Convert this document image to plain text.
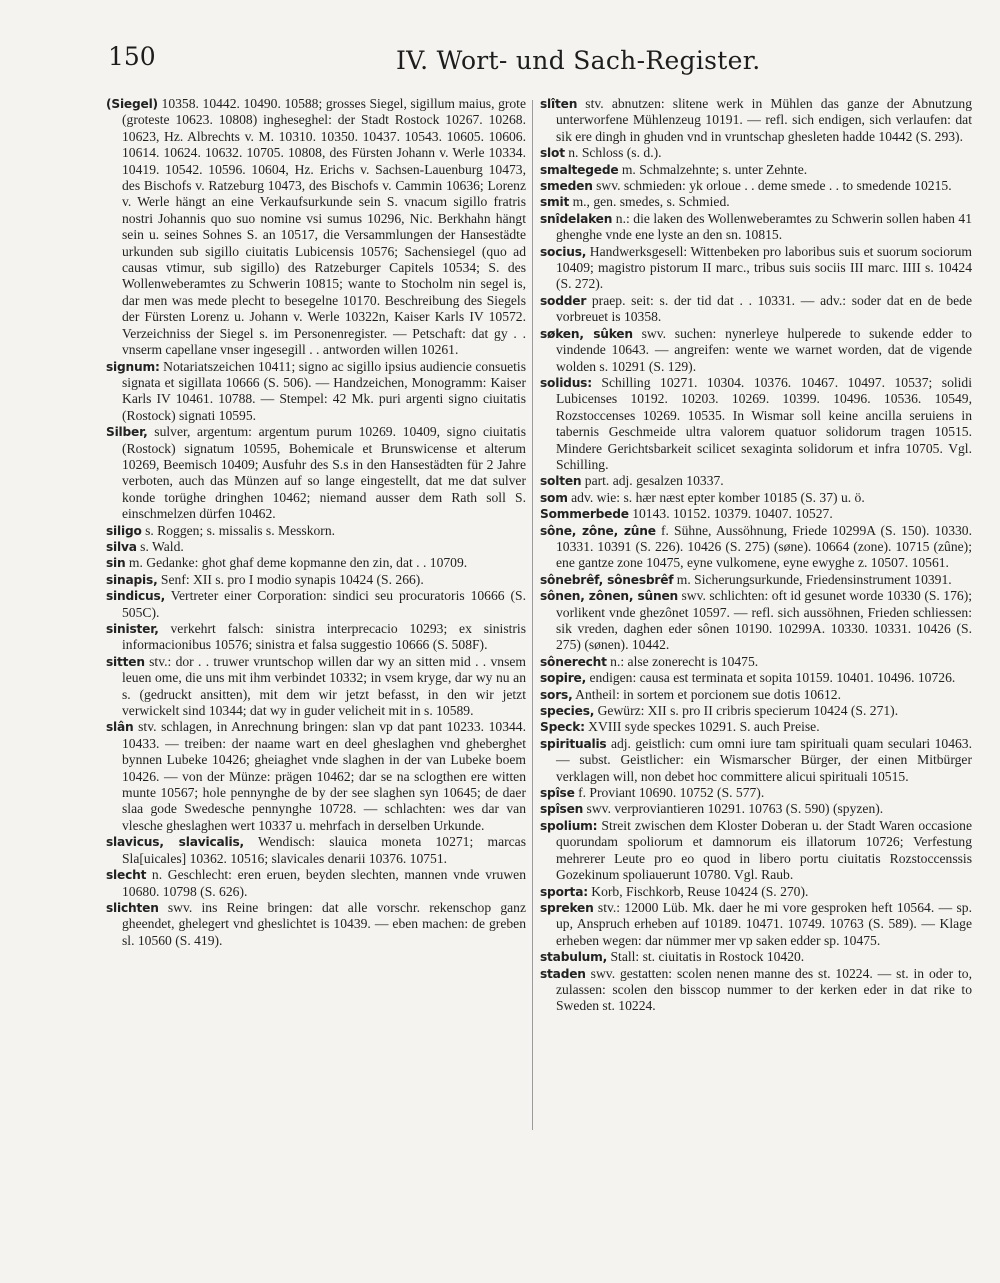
150	IV. Wort- und Sach-Register.

(Siegel) 10358. 10442. 10490. 10588; grosses Siegel, sigillum maius, grote (groteste 10623. 10808) ingheseghel: der Stadt Rostock 10267. 10268. 10623, Hz. Albrechts v. M. 10310. 10350. 10437. 10543. 10605. 10606. 10614. 10624. 10632. 10705. 10808, des Fürsten Johann v. Werle 10334. 10419. 10542. 10596. 10604, Hz. Erichs v. Sachsen-Lauenburg 10473, des Bischofs v. Ratzeburg 10473, des Bischofs v. Cammin 10636; Lorenz v. Werle hängt an eine Verkaufsurkunde sein S. vnacum sigillo fratris nostri Johannis quo suo nomine vsi sumus 10296, Nic. Berkhahn hängt sein u. seines Sohnes S. an 10517, die Versammlungen der Hansestädte urkunden sub sigillo ciuitatis Lubicensis 10576; Sachensiegel (quo ad causas vtimur, sub sigillo) des Ratzeburger Capitels 10534; S. des Wollenweberamtes zu Schwerin 10815; wante to Stocholm nin segel is, dar men was mede plecht to besegelne 10170. Beschreibung des Siegels der Fürsten Lorenz u. Johann v. Werle 10322n, Kaiser Karls IV 10572. Verzeichniss der Siegel s. im Personenregister. — Petschaft: dat gy . . vnserm capellane vnser ingesegill . . antworden willen 10261.

signum: Notariatszeichen 10411; signo ac sigillo ipsius audiencie consuetis signata et sigillata 10666 (S. 506). — Handzeichen, Monogramm: Kaiser Karls IV 10461. 10788. — Stempel: 42 Mk. puri argenti signo ciuitatis (Rostock) signati 10595.

Silber, sulver, argentum: argentum purum 10269. 10409, signo ciuitatis (Rostock) signatum 10595, Bohemicale et Brunswicense et alterum 10269, Beemisch 10409; Ausfuhr des S.s in den Hansestädten für 2 Jahre verboten, auch das Münzen auf so lange eingestellt, dat me dat sulver konde torüghe dringhen 10462; niemand ausser dem Rath soll S. einschmelzen dürfen 10462.

siligo s. Roggen; s. missalis s. Messkorn.

silva s. Wald.

sin m. Gedanke: ghot ghaf deme kopmanne den zin, dat . . 10709.

sinapis, Senf: XII s. pro I modio synapis 10424 (S. 266).

sindicus, Vertreter einer Corporation: sindici seu procuratoris 10666 (S. 505C).

sinister, verkehrt falsch: sinistra interprecacio 10293; ex sinistris informacionibus 10576; sinistra et falsa suggestio 10666 (S. 508F).

sitten stv.: dor . . truwer vruntschop willen dar wy an sitten mid . . vnsem leuen ome, die uns mit ihm verbindet 10332; in vsem kryge, dar wy nu an s. (gedruckt ansitten), mit dem wir jetzt befasst, in den wir jetzt verwickelt sind 10344; dat wy in guder velicheit mit in s. 10589.

slân stv. schlagen, in Anrechnung bringen: slan vp dat pant 10233. 10344. 10433. — treiben: der naame wart en deel gheslaghen vnd gheberghet bynnen Lubeke 10426; gheiaghet vnde slaghen in der van Lubeke boem 10426. — von der Münze: prägen 10462; dar se na sclogthen ere witten munte 10567; hole pennynghe de by der see slaghen syn 10645; de daer slaa gode Swedesche pennynghe 10728. — schlachten: wes dar van vlesche gheslaghen wert 10337 u. mehrfach in derselben Urkunde.

slavicus, slavicalis, Wendisch: slauica moneta 10271; marcas Sla[uicales] 10362. 10516; slavicales denarii 10376. 10751.

slecht n. Geschlecht: eren eruen, beyden slechten, mannen vnde vruwen 10680. 10798 (S. 626).

slichten swv. ins Reine bringen: dat alle vorschr. rekenschop ganz gheendet, ghelegert vnd gheslichtet is 10439. — eben machen: de greben sl. 10560 (S. 419).

slîten stv. abnutzen: slitene werk in Mühlen das ganze der Abnutzung unterworfene Mühlenzeug 10191. — refl. sich endigen, sich verlaufen: dat sik ere dingh in ghuden vnd in vruntschap ghesleten hadde 10442 (S. 293).

slot n. Schloss (s. d.).

smaltegede m. Schmalzehnte; s. unter Zehnte.

smeden swv. schmieden: yk orloue . . deme smede . . to smedende 10215.

smit m., gen. smedes, s. Schmied.

snîdelaken n.: die laken des Wollenweberamtes zu Schwerin sollen haben 41 ghenghe vnde ene lyste an den sn. 10815.

socius, Handwerksgesell: Wittenbeken pro laboribus suis et suorum sociorum 10409; magistro pistorum II marc., tribus suis sociis III marc. IIII s. 10424 (S. 272).

sodder praep. seit: s. der tid dat . . 10331. — adv.: soder dat en de bede vorbreuet is 10358.

søken, sûken swv. suchen: nynerleye hulperede to sukende edder to vindende 10643. — angreifen: wente we warnet worden, dat de vigende wolden s. 10291 (S. 129).

solidus: Schilling 10271. 10304. 10376. 10467. 10497. 10537; solidi Lubicenses 10192. 10203. 10269. 10399. 10496. 10536. 10549, Rozstoccenses 10269. 10535. In Wismar soll keine ancilla seruiens in tabernis Geschmeide ultra valorem quatuor solidorum tragen 10515. Mindere Gerichtsbarkeit scilicet sexaginta solidorum et infra 10705. Vgl. Schilling.

solten part. adj. gesalzen 10337.

som adv. wie: s. hær næst epter komber 10185 (S. 37) u. ö.

Sommerbede 10143. 10152. 10379. 10407. 10527.

sône, zône, zûne f. Sühne, Aussöhnung, Friede 10299A (S. 150). 10330. 10331. 10391 (S. 226). 10426 (S. 275) (søne). 10664 (zone). 10715 (zûne); ene gantze zone 10475, eyne vulkomene, eyne ewyghe z. 10507. 10561.

sônebrêf, sônesbrêf m. Sicherungsurkunde, Friedensinstrument 10391.

sônen, zônen, sûnen swv. schlichten: oft id gesunet worde 10330 (S. 176); vorlikent vnde ghezônet 10597. — refl. sich aussöhnen, Frieden schliessen: sik vreden, daghen eder sônen 10190. 10299A. 10330. 10331. 10426 (S. 275) (sønen). 10442.

sônerecht n.: alse zonerecht is 10475.

sopire, endigen: causa est terminata et sopita 10159. 10401. 10496. 10726.

sors, Antheil: in sortem et porcionem sue dotis 10612.

species, Gewürz: XII s. pro II cribris specierum 10424 (S. 271).

Speck: XVIII syde speckes 10291. S. auch Preise.

spiritualis adj. geistlich: cum omni iure tam spirituali quam seculari 10463. — subst. Geistlicher: ein Wismarscher Bürger, der einen Mitbürger verklagen will, non debet hoc committere alicui spirituali 10515.

spîse f. Proviant 10690. 10752 (S. 577).

spîsen swv. verproviantieren 10291. 10763 (S. 590) (spyzen).

spolium: Streit zwischen dem Kloster Doberan u. der Stadt Waren occasione quorundam spoliorum et damnorum eis illatorum 10726; Verfestung mehrerer Leute pro eo quod in libero portu ciuitatis Rozstoccenssis Gozekinum spoliauerunt 10780. Vgl. Raub.

sporta: Korb, Fischkorb, Reuse 10424 (S. 270).

spreken stv.: 12000 Lüb. Mk. daer he mi vore gesproken heft 10564. — sp. up, Anspruch erheben auf 10189. 10471. 10749. 10763 (S. 589). — Klage erheben wegen: dar nümmer mer vp saken edder sp. 10475.

stabulum, Stall: st. ciuitatis in Rostock 10420.

staden swv. gestatten: scolen nenen manne des st. 10224. — st. in oder to, zulassen: scolen den bisscop nummer to der kerken eder in dat rike to Sweden st. 10224.
